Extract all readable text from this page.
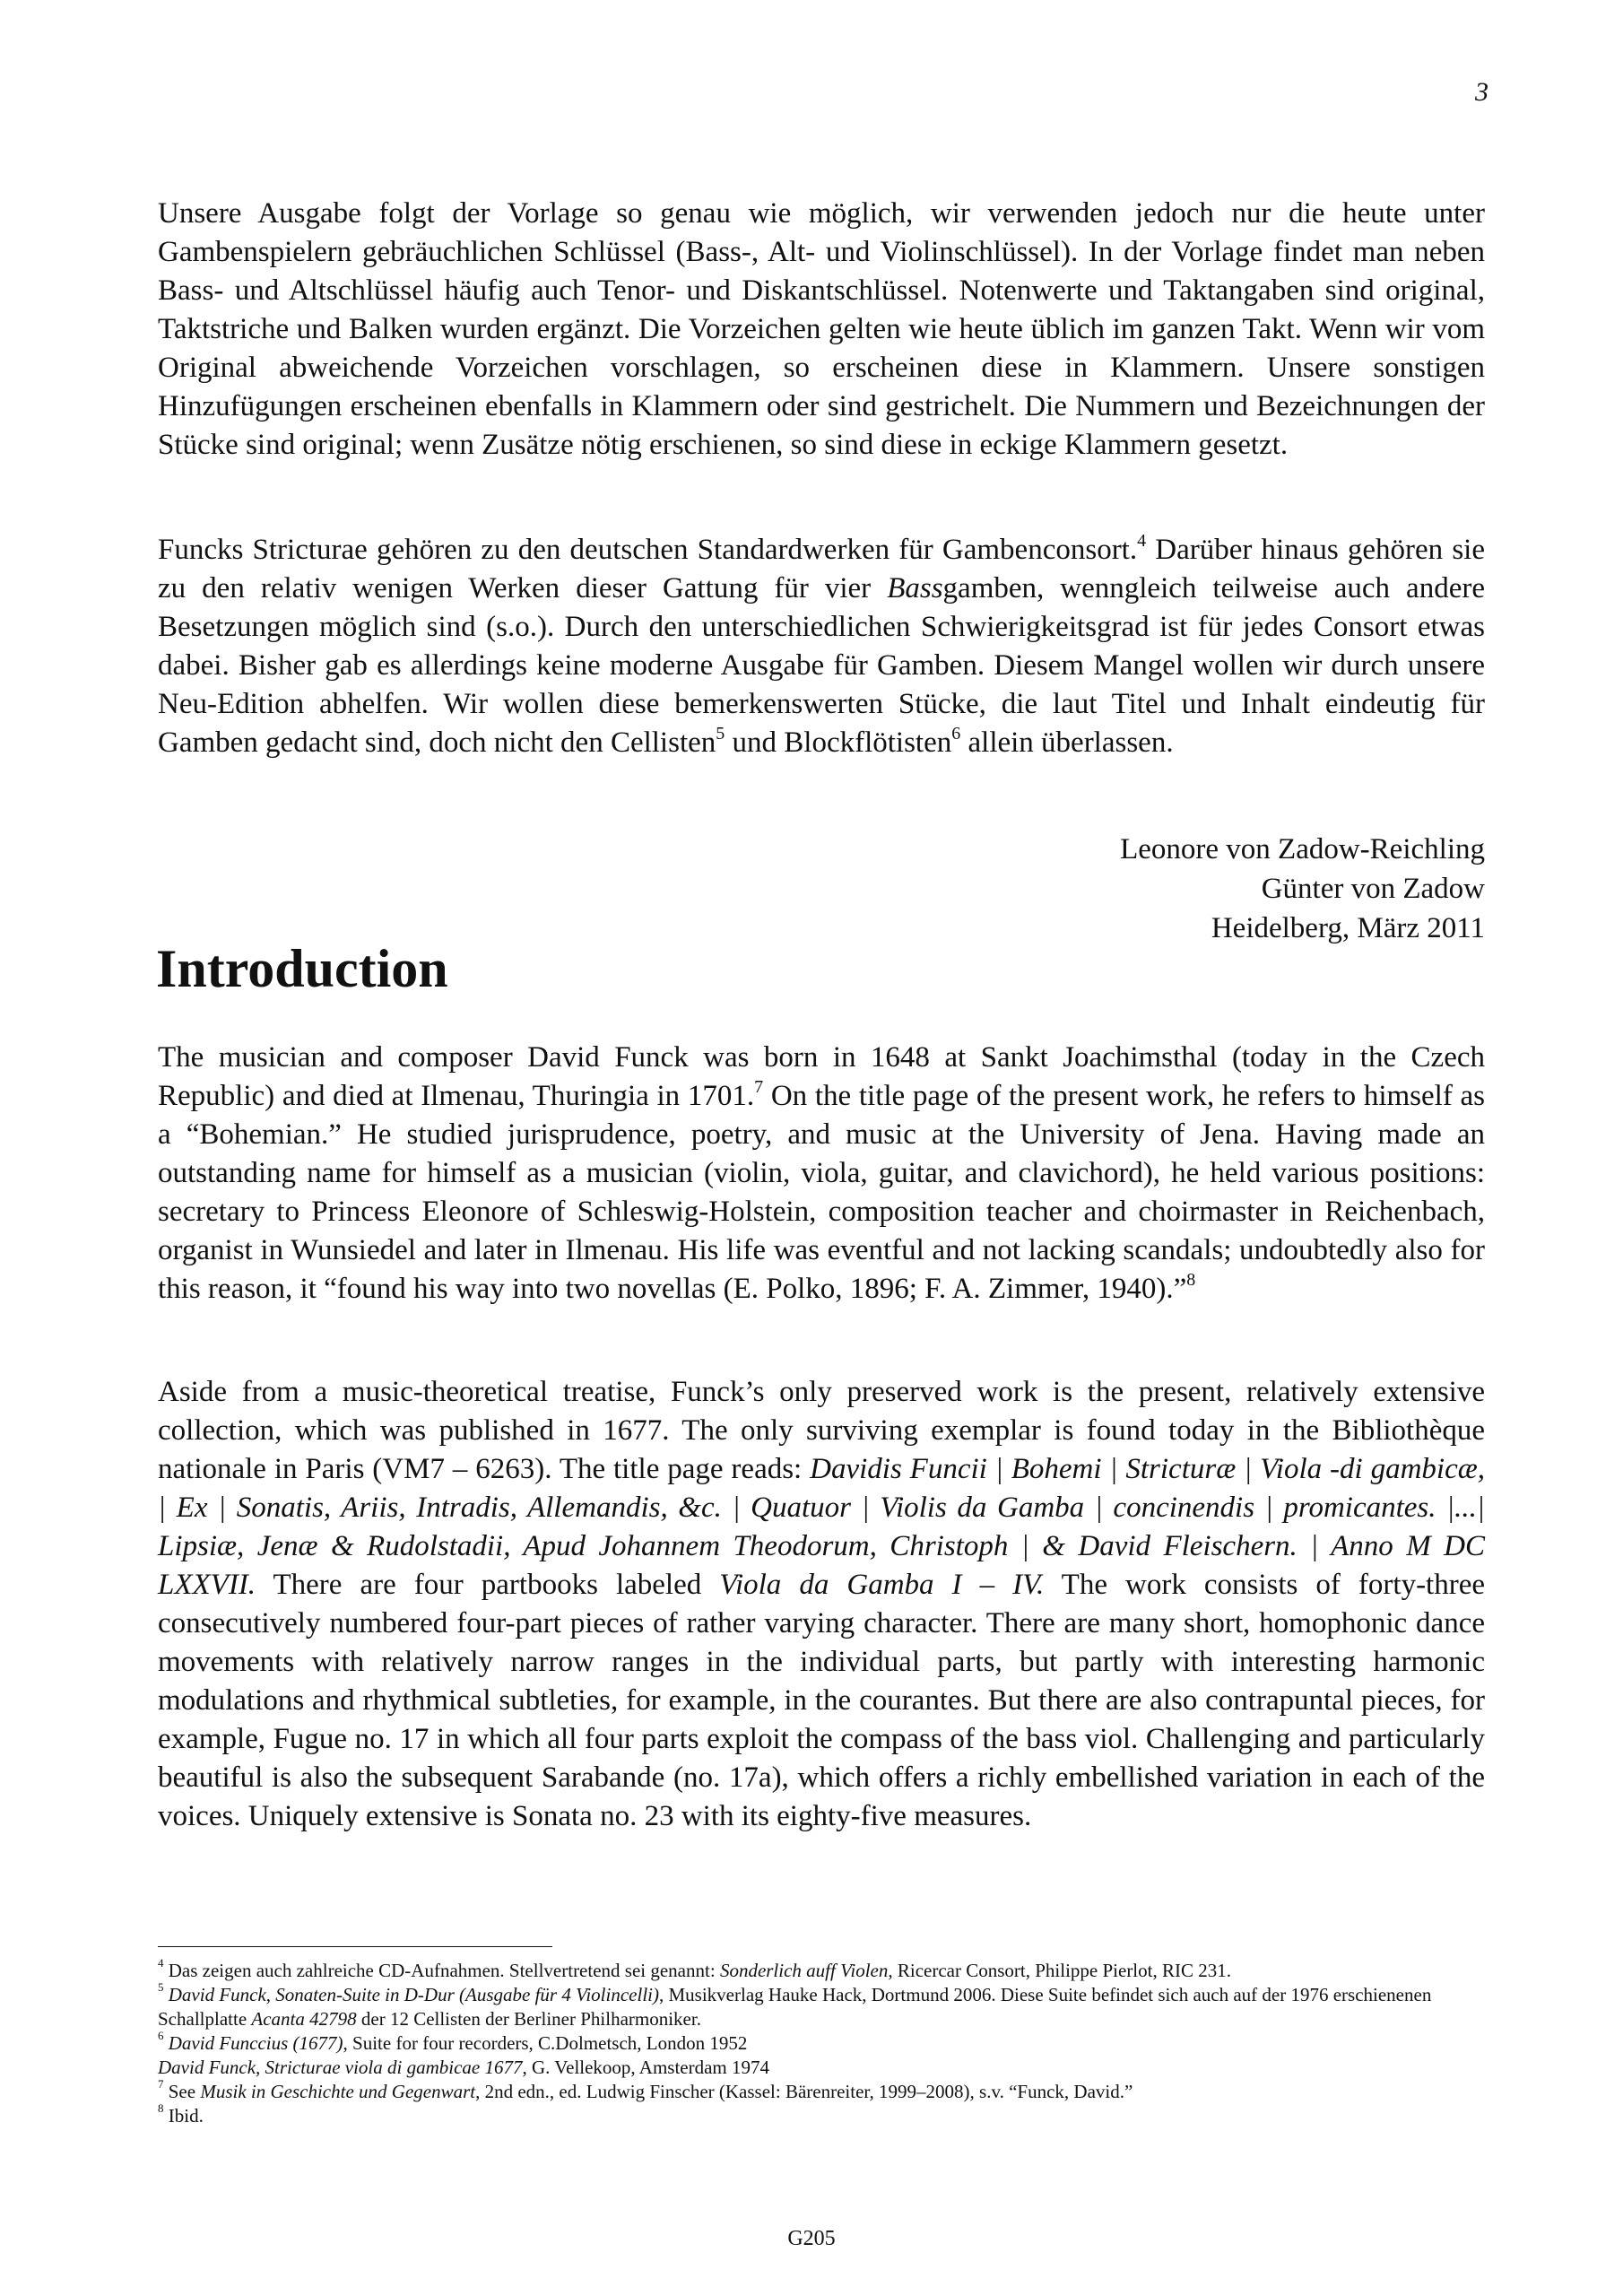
3
Unsere Ausgabe folgt der Vorlage so genau wie möglich, wir verwenden jedoch nur die heute unter Gambenspielern gebräuchlichen Schlüssel (Bass-, Alt- und Violinschlüssel). In der Vorlage findet man neben Bass- und Altschlüssel häufig auch Tenor- und Diskantschlüssel. Notenwerte und Taktangaben sind original, Taktstriche und Balken wurden ergänzt. Die Vorzeichen gelten wie heute üblich im ganzen Takt. Wenn wir vom Original abweichende Vorzeichen vorschlagen, so erscheinen diese in Klammern. Unsere sonstigen Hinzufügungen erscheinen ebenfalls in Klammern oder sind gestrichelt. Die Nummern und Bezeichnungen der Stücke sind original; wenn Zusätze nötig erschienen, so sind diese in eckige Klammern gesetzt.
Funcks Stricturae gehören zu den deutschen Standardwerken für Gambenconsort.$^4$ Darüber hinaus gehören sie zu den relativ wenigen Werken dieser Gattung für vier Bassgamben, wenngleich teilweise auch andere Besetzungen möglich sind (s.o.). Durch den unterschiedlichen Schwierigkeitsgrad ist für jedes Consort etwas dabei. Bisher gab es allerdings keine moderne Ausgabe für Gamben. Diesem Mangel wollen wir durch unsere Neu-Edition abhelfen. Wir wollen diese bemerkenswerten Stücke, die laut Titel und Inhalt eindeutig für Gamben gedacht sind, doch nicht den Cellisten$^5$ und Blockflötisten$^6$ allein überlassen.
Leonore von Zadow-Reichling
Günter von Zadow
Heidelberg, März 2011
Introduction
The musician and composer David Funck was born in 1648 at Sankt Joachimsthal (today in the Czech Republic) and died at Ilmenau, Thuringia in 1701.$^7$ On the title page of the present work, he refers to himself as a “Bohemian.” He studied jurisprudence, poetry, and music at the University of Jena. Having made an outstanding name for himself as a musician (violin, viola, guitar, and clavichord), he held various positions: secretary to Princess Eleonore of Schleswig-Holstein, composition teacher and choirmaster in Reichenbach, organist in Wunsiedel and later in Ilmenau. His life was eventful and not lacking scandals; undoubtedly also for this reason, it “found his way into two novellas (E. Polko, 1896; F. A. Zimmer, 1940).”$^8$
Aside from a music-theoretical treatise, Funck’s only preserved work is the present, relatively extensive collection, which was published in 1677. The only surviving exemplar is found today in the Bibliothèque nationale in Paris (VM7 – 6263). The title page reads: Davidis Funcii | Bohemi | Stricturæ | Viola -di gambicæ, | Ex | Sonatis, Ariis, Intradis, Allemandis, &c. | Quatuor | Violis da Gamba | concinendis | promicantes. |...| Lipsiæ, Jenæ & Rudolstadii, Apud Johannem Theodorum, Christoph | & David Fleischern. | Anno M DC LXXVII. There are four partbooks labeled Viola da Gamba I – IV. The work consists of forty-three consecutively numbered four-part pieces of rather varying character. There are many short, homophonic dance movements with relatively narrow ranges in the individual parts, but partly with interesting harmonic modulations and rhythmical subtleties, for example, in the courantes. But there are also contrapuntal pieces, for example, Fugue no. 17 in which all four parts exploit the compass of the bass viol. Challenging and particularly beautiful is also the subsequent Sarabande (no. 17a), which offers a richly embellished variation in each of the voices. Uniquely extensive is Sonata no. 23 with its eighty-five measures.

$^4$ Das zeigen auch zahlreiche CD-Aufnahmen. Stellvertretend sei genannt: Sonderlich auff Violen, Ricercar Consort, Philippe Pierlot, RIC 231.

$^5$ David Funck, Sonaten-Suite in D-Dur (Ausgabe für 4 Violincelli), Musikverlag Hauke Hack, Dortmund 2006. Diese Suite befindet sich auch auf der 1976 erschienenen Schallplatte Acanta 42798 der 12 Cellisten der Berliner Philharmoniker.

$^6$ David Funccius (1677), Suite for four recorders, C.Dolmetsch, London 1952

David Funck, Stricturae viola di gambicae 1677, G. Vellekoop, Amsterdam 1974

$^7$ See Musik in Geschichte und Gegenwart, 2nd edn., ed. Ludwig Finscher (Kassel: Bärenreiter, 1999–2008), s.v. “Funck, David.”

$^8$ Ibid.

G205
